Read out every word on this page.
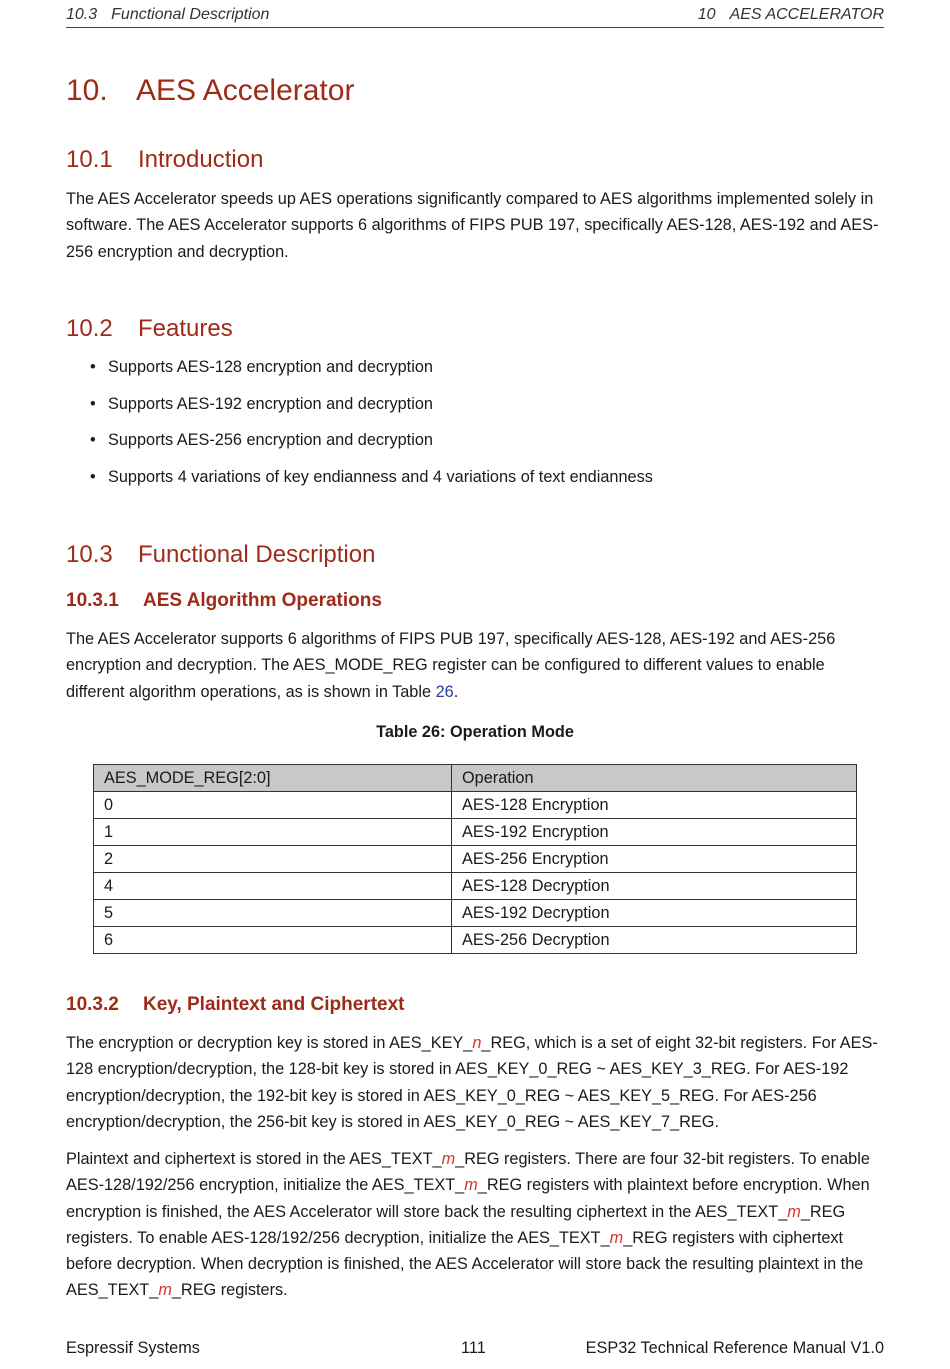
10.3 Functional Description	10 AES ACCELERATOR
10. AES Accelerator
10.1 Introduction

The AES Accelerator speeds up AES operations significantly compared to AES algorithms implemented solely in software. The AES Accelerator supports 6 algorithms of FIPS PUB 197, specifically AES-128, AES-192 and AES-256 encryption and decryption.

10.2 Features
• Supports AES-128 encryption and decryption
• Supports AES-192 encryption and decryption
• Supports AES-256 encryption and decryption
• Supports 4 variations of key endianness and 4 variations of text endianness
10.3 Functional Description
10.3.1 AES Algorithm Operations

The AES Accelerator supports 6 algorithms of FIPS PUB 197, specifically AES-128, AES-192 and AES-256 encryption and decryption. The AES_MODE_REG register can be configured to different values to enable different algorithm operations, as is shown in Table 26.

Table 26: Operation Mode
AES_MODE_REG[2:0]	Operation
0	AES-128 Encryption
1	AES-192 Encryption
2	AES-256 Encryption
4	AES-128 Decryption
5	AES-192 Decryption
6	AES-256 Decryption
10.3.2 Key, Plaintext and Ciphertext

The encryption or decryption key is stored in AES_KEY_n_REG, which is a set of eight 32-bit registers. For AES-128 encryption/decryption, the 128-bit key is stored in AES_KEY_0_REG ~ AES_KEY_3_REG. For AES-192 encryption/decryption, the 192-bit key is stored in AES_KEY_0_REG ~ AES_KEY_5_REG. For AES-256 encryption/decryption, the 256-bit key is stored in AES_KEY_0_REG ~ AES_KEY_7_REG.

Plaintext and ciphertext is stored in the AES_TEXT_m_REG registers. There are four 32-bit registers. To enable AES-128/192/256 encryption, initialize the AES_TEXT_m_REG registers with plaintext before encryption. When encryption is finished, the AES Accelerator will store back the resulting ciphertext in the AES_TEXT_m_REG registers. To enable AES-128/192/256 decryption, initialize the AES_TEXT_m_REG registers with ciphertext before decryption. When decryption is finished, the AES Accelerator will store back the resulting plaintext in the AES_TEXT_m_REG registers.

Espressif Systems	111	ESP32 Technical Reference Manual V1.0
